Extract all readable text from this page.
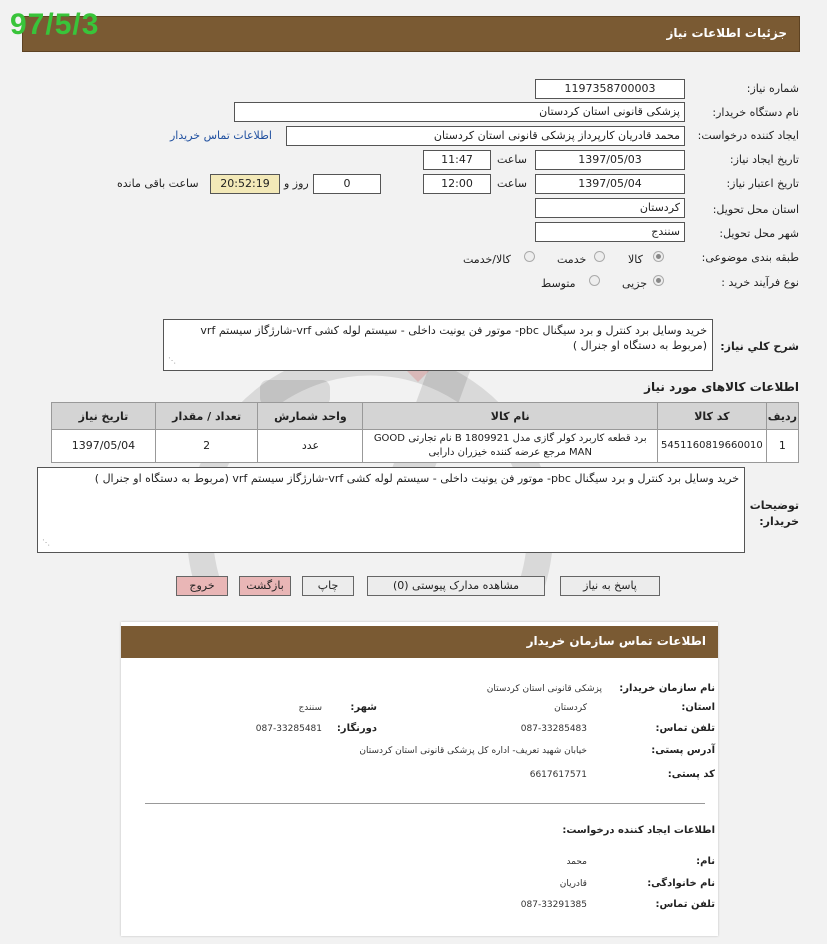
جزئیات اطلاعات نیاز
97/5/3
شماره نیاز:
1197358700003
نام دستگاه خریدار:
پزشکی قانونی استان کردستان
ایجاد کننده درخواست:
محمد قادریان کارپرداز پزشکی قانونی استان کردستان
اطلاعات تماس خریدار
تاریخ ایجاد نیاز:
1397/05/03
ساعت
11:47
تاریخ اعتبار نیاز:
1397/05/04
ساعت
12:00
0
روز و
20:52:19
ساعت باقی مانده
استان محل تحویل:
کردستان
شهر محل تحویل:
سنندج
طبقه بندی موضوعی:
کالا
خدمت
کالا/خدمت
نوع فرآیند خرید :
جزیی
متوسط
شرح کلي نياز:
خرید وسایل برد کنترل و برد سیگنال pbc- موتور فن یونیت داخلی - سیستم لوله کشی vrf-شارژگاز سیستم vrf (مربوط به دستگاه او جنرال )
⋰
اطلاعات کالاهای مورد نیاز
ردیف	کد کالا	نام کالا	واحد شمارش	تعداد / مقدار	تاریخ نیاز
1	5451160819660010	برد قطعه کاربرد کولر گازی مدل B 1809921 نام تجارتی GOOD MAN مرجع عرضه کننده خیزران دارابی	عدد	2	1397/05/04
توضیحات خریدار:
خرید وسایل برد کنترل و برد سیگنال pbc- موتور فن یونیت داخلی - سیستم لوله کشی vrf-شارژگاز سیستم vrf (مربوط به دستگاه او جنرال )
⋰
پاسخ به نیاز
مشاهده مدارک پیوستی (0)
چاپ
بازگشت
خروج
اطلاعات تماس سازمان خریدار
نام سازمان خریدار:
پزشکی قانونی استان کردستان
استان:
کردستان
شهر:
سنندج
تلفن تماس:
087-33285483
دورنگار:
087-33285481
آدرس پستی:
خیابان شهید تعریف- اداره کل پزشکی قانونی استان کردستان
کد پستی:
6617617571
اطلاعات ایجاد کننده درخواست:
نام:
محمد
نام خانوادگی:
قادریان
تلفن تماس:
087-33291385
